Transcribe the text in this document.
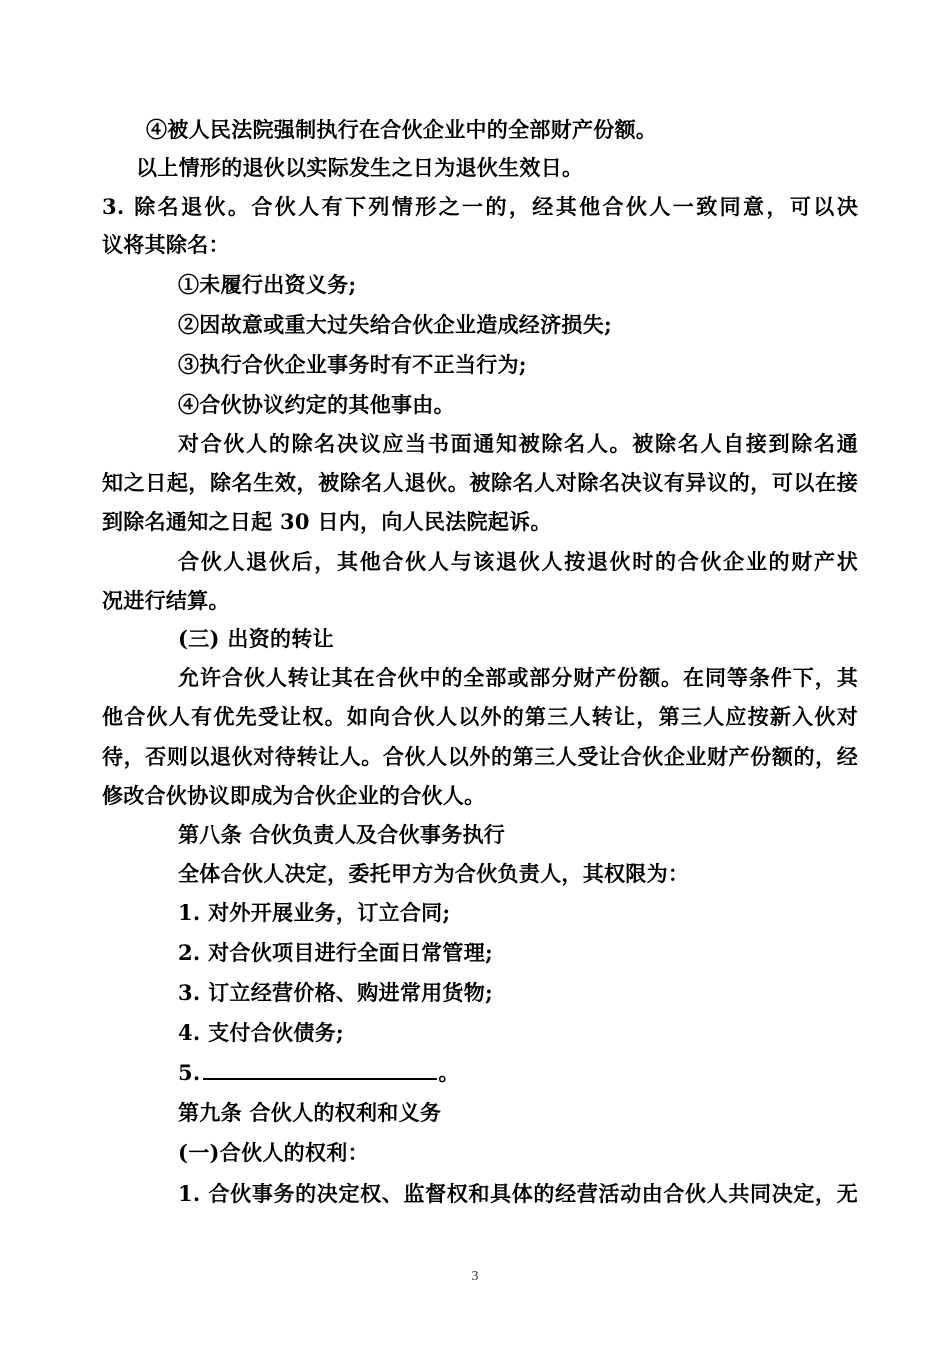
④被人民法院强制执行在合伙企业中的全部财产份额。
以上情形的退伙以实际发生之日为退伙生效日。
3. 除名退伙。合伙人有下列情形之一的，经其他合伙人一致同意，可以决
议将其除名：
①未履行出资义务;
②因故意或重大过失给合伙企业造成经济损失;
③执行合伙企业事务时有不正当行为;
④合伙协议约定的其他事由。
对合伙人的除名决议应当书面通知被除名人。被除名人自接到除名通
知之日起，除名生效，被除名人退伙。被除名人对除名决议有异议的，可以在接
到除名通知之日起 30 日内，向人民法院起诉。
合伙人退伙后，其他合伙人与该退伙人按退伙时的合伙企业的财产状
况进行结算。
(三) 出资的转让
允许合伙人转让其在合伙中的全部或部分财产份额。在同等条件下，其
他合伙人有优先受让权。如向合伙人以外的第三人转让，第三人应按新入伙对
待，否则以退伙对待转让人。合伙人以外的第三人受让合伙企业财产份额的，经
修改合伙协议即成为合伙企业的合伙人。
第八条 合伙负责人及合伙事务执行
全体合伙人决定，委托甲方为合伙负责人，其权限为：
1. 对外开展业务，订立合同;
2. 对合伙项目进行全面日常管理;
3. 订立经营价格、购进常用货物;
4. 支付合伙债务;
5.	。
第九条 合伙人的权利和义务
(一)合伙人的权利：
1. 合伙事务的决定权、监督权和具体的经营活动由合伙人共同决定，无
3
